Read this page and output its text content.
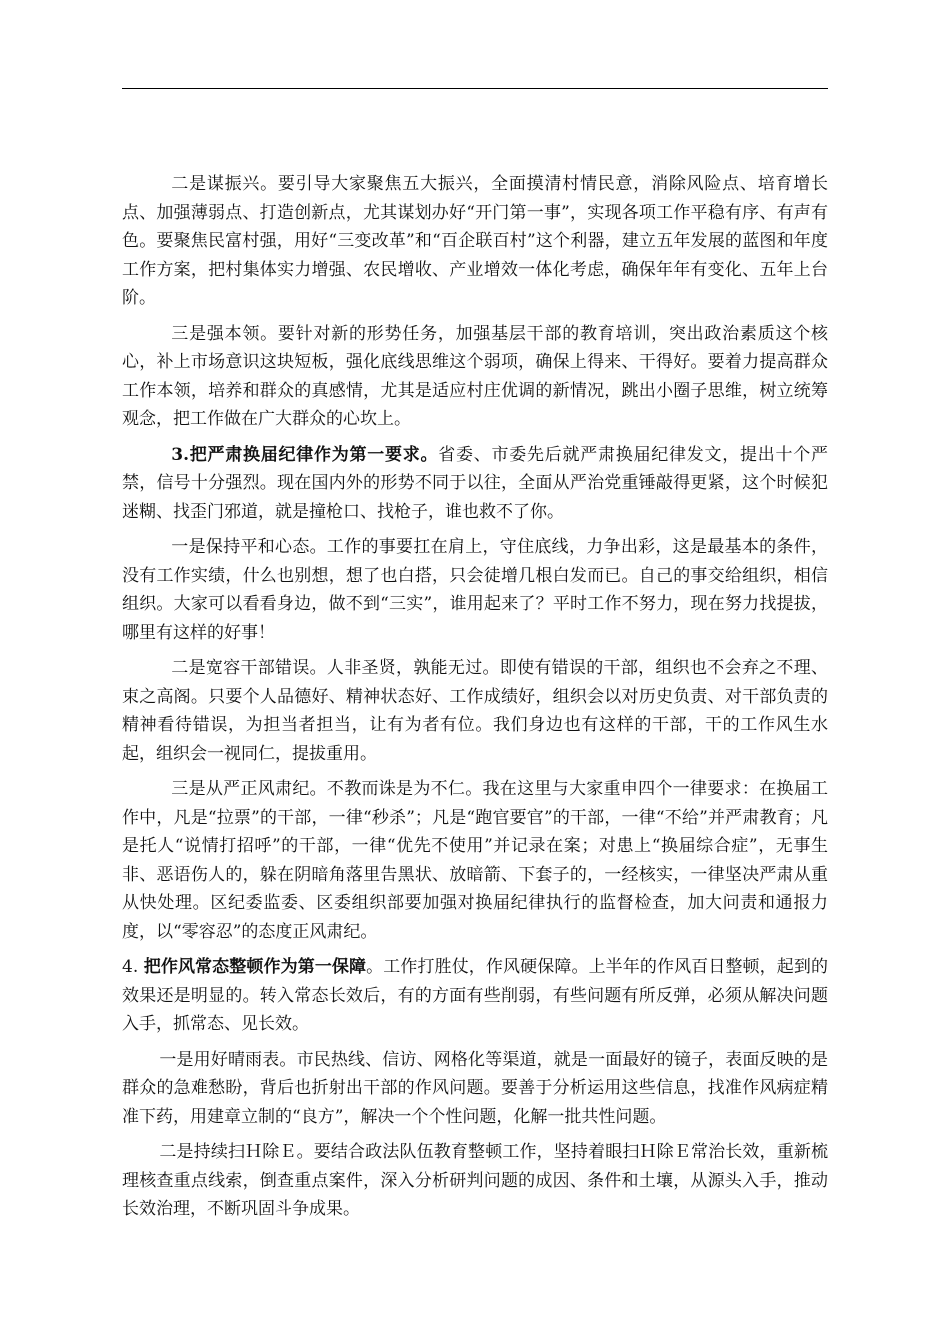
二是谋振兴。要引导大家聚焦五大振兴，全面摸清村情民意，消除风险点、培育增长点、加强薄弱点、打造创新点，尤其谋划办好“开门第一事”，实现各项工作平稳有序、有声有色。要聚焦民富村强，用好“三变改革”和“百企联百村”这个利器，建立五年发展的蓝图和年度工作方案，把村集体实力增强、农民增收、产业增效一体化考虑，确保年年有变化、五年上台阶。

三是强本领。要针对新的形势任务，加强基层干部的教育培训，突出政治素质这个核心，补上市场意识这块短板，强化底线思维这个弱项，确保上得来、干得好。要着力提高群众工作本领，培养和群众的真感情，尤其是适应村庄优调的新情况，跳出小圈子思维，树立统筹观念，把工作做在广大群众的心坎上。

3.把严肃换届纪律作为第一要求。省委、市委先后就严肃换届纪律发文，提出十个严禁，信号十分强烈。现在国内外的形势不同于以往，全面从严治党重锤敲得更紧，这个时候犯迷糊、找歪门邪道，就是撞枪口、找枪子，谁也救不了你。

一是保持平和心态。工作的事要扛在肩上，守住底线，力争出彩，这是最基本的条件，没有工作实绩，什么也别想，想了也白搭，只会徒增几根白发而已。自己的事交给组织，相信组织。大家可以看看身边，做不到“三实”，谁用起来了？平时工作不努力，现在努力找提拔，哪里有这样的好事！

二是宽容干部错误。人非圣贤，孰能无过。即使有错误的干部，组织也不会弃之不理、束之高阁。只要个人品德好、精神状态好、工作成绩好，组织会以对历史负责、对干部负责的精神看待错误，为担当者担当，让有为者有位。我们身边也有这样的干部，干的工作风生水起，组织会一视同仁，提拔重用。

三是从严正风肃纪。不教而诛是为不仁。我在这里与大家重申四个一律要求：在换届工作中，凡是“拉票”的干部，一律“秒杀”；凡是“跑官要官”的干部，一律“不给”并严肃教育；凡是托人“说情打招呼”的干部，一律“优先不使用”并记录在案；对患上“换届综合症”，无事生非、恶语伤人的，躲在阴暗角落里告黑状、放暗箭、下套子的，一经核实，一律坚决严肃从重从快处理。区纪委监委、区委组织部要加强对换届纪律执行的监督检查，加大问责和通报力度，以“零容忍”的态度正风肃纪。

4. 把作风常态整顿作为第一保障。工作打胜仗，作风硬保障。上半年的作风百日整顿，起到的效果还是明显的。转入常态长效后，有的方面有些削弱，有些问题有所反弹，必须从解决问题入手，抓常态、见长效。

一是用好晴雨表。市民热线、信访、网格化等渠道，就是一面最好的镜子，表面反映的是群众的急难愁盼，背后也折射出干部的作风问题。要善于分析运用这些信息，找准作风病症精准下药，用建章立制的“良方”，解决一个个性问题，化解一批共性问题。

二是持续扫Ｈ除Ｅ。要结合政法队伍教育整顿工作，坚持着眼扫Ｈ除Ｅ常治长效，重新梳理核查重点线索，倒查重点案件，深入分析研判问题的成因、条件和土壤，从源头入手，推动长效治理，不断巩固斗争成果。
